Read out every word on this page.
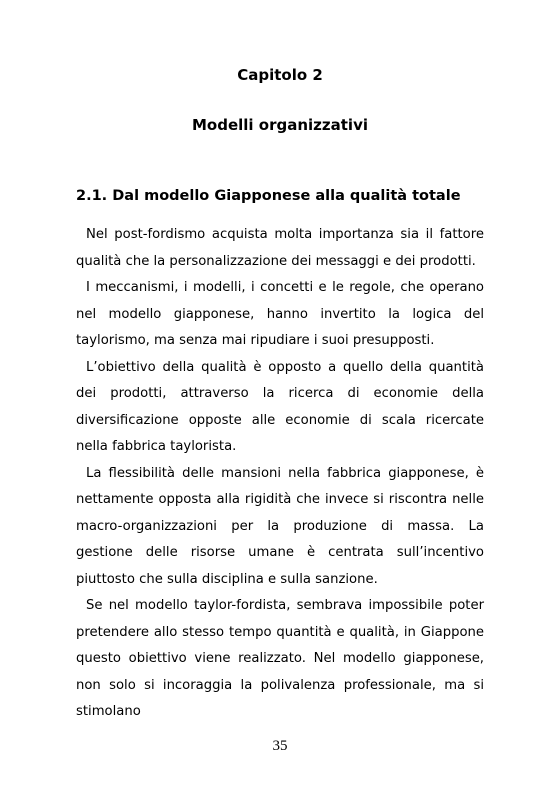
Capitolo 2
Modelli organizzativi
2.1. Dal modello Giapponese alla qualità totale

Nel post-fordismo acquista molta importanza sia il fattore qualità che la personalizzazione dei messaggi e dei prodotti.

I meccanismi, i modelli, i concetti e le regole, che operano nel modello giapponese, hanno invertito la logica del taylorismo, ma senza mai ripudiare i suoi presupposti.

L’obiettivo della qualità è opposto a quello della quantità dei prodotti, attraverso la ricerca di economie della diversificazione opposte alle economie di scala ricercate nella fabbrica taylorista.

La flessibilità delle mansioni nella fabbrica giapponese, è nettamente opposta alla rigidità che invece si riscontra nelle macro-organizzazioni per la produzione di massa. La gestione delle risorse umane è centrata sull’incentivo piuttosto che sulla disciplina e sulla sanzione.

Se nel modello taylor-fordista, sembrava impossibile poter pretendere allo stesso tempo quantità e qualità, in Giappone questo obiettivo viene realizzato. Nel modello giapponese, non solo si incoraggia la polivalenza professionale, ma si stimolano

35
